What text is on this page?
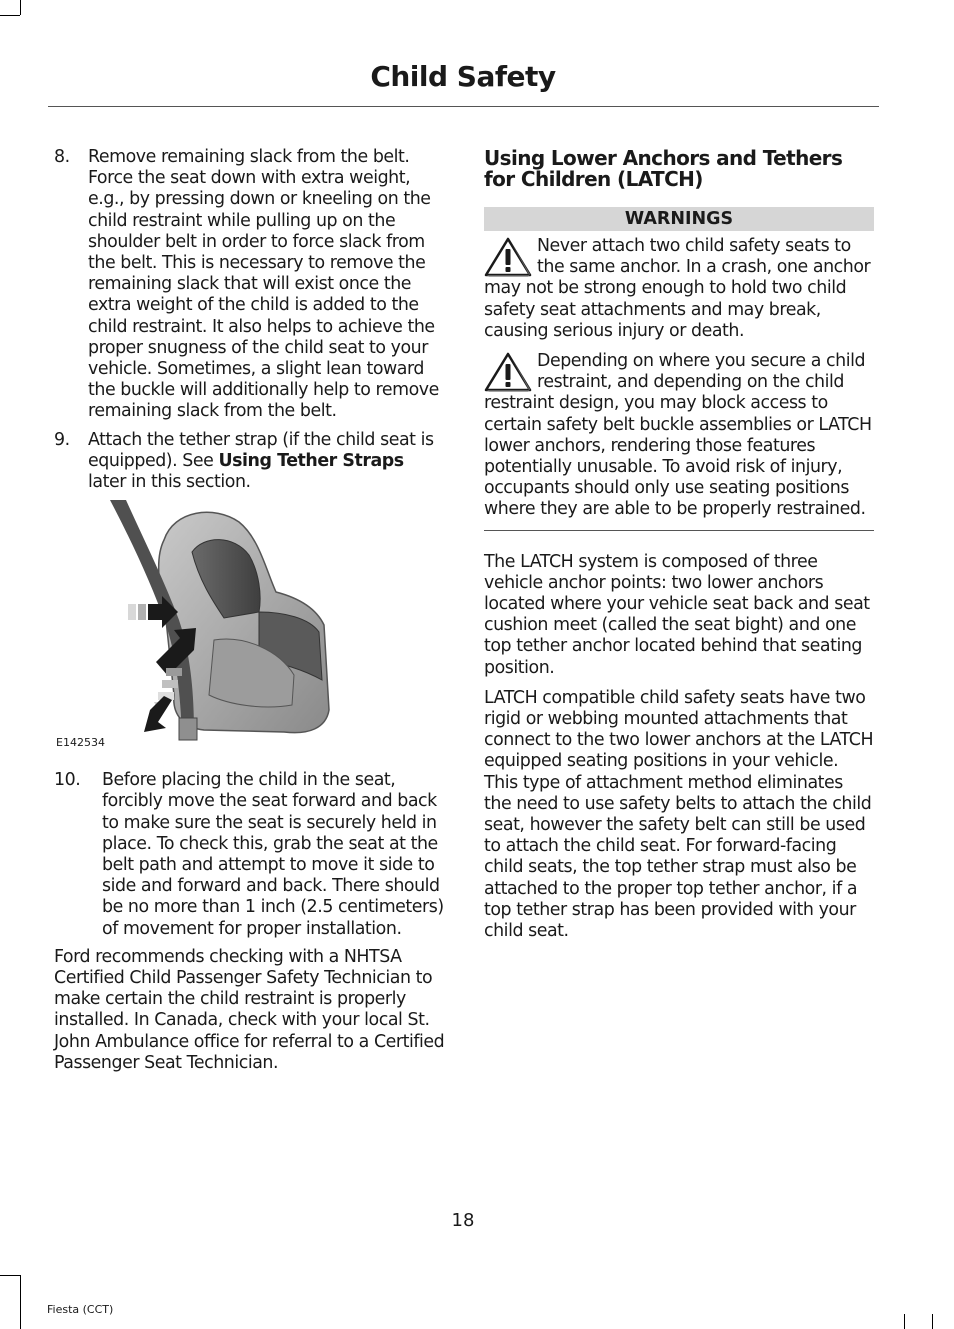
Child Safety
8.	Remove remaining slack from the belt. Force the seat down with extra weight, e.g., by pressing down or kneeling on the child restraint while pulling up on the shoulder belt in order to force slack from the belt. This is necessary to remove the remaining slack that will exist once the extra weight of the child is added to the child restraint. It also helps to achieve the proper snugness of the child seat to your vehicle. Sometimes, a slight lean toward the buckle will additionally help to remove remaining slack from the belt.
9.	Attach the tether strap (if the child seat is equipped). See Using Tether Straps later in this section.
E142534
10.	Before placing the child in the seat, forcibly move the seat forward and back to make sure the seat is securely held in place. To check this, grab the seat at the belt path and attempt to move it side to side and forward and back. There should be no more than 1 inch (2.5 centimeters) of movement for proper installation.

Ford recommends checking with a NHTSA Certified Child Passenger Safety Technician to make certain the child restraint is properly installed. In Canada, check with your local St. John Ambulance office for referral to a Certified Passenger Seat Technician.

Using Lower Anchors and Tethers for Children (LATCH)
WARNINGS
Never attach two child safety seats to the same anchor. In a crash, one anchor may not be strong enough to hold two child safety seat attachments and may break, causing serious injury or death.
Depending on where you secure a child restraint, and depending on the child restraint design, you may block access to certain safety belt buckle assemblies or LATCH lower anchors, rendering those features potentially unusable. To avoid risk of injury, occupants should only use seating positions where they are able to be properly restrained.

The LATCH system is composed of three vehicle anchor points: two lower anchors located where your vehicle seat back and seat cushion meet (called the seat bight) and one top tether anchor located behind that seating position.

LATCH compatible child safety seats have two rigid or webbing mounted attachments that connect to the two lower anchors at the LATCH equipped seating positions in your vehicle. This type of attachment method eliminates the need to use safety belts to attach the child seat, however the safety belt can still be used to attach the child seat. For forward-facing child seats, the top tether strap must also be attached to the proper top tether anchor, if a top tether strap has been provided with your child seat.

18
Fiesta (CCT)
